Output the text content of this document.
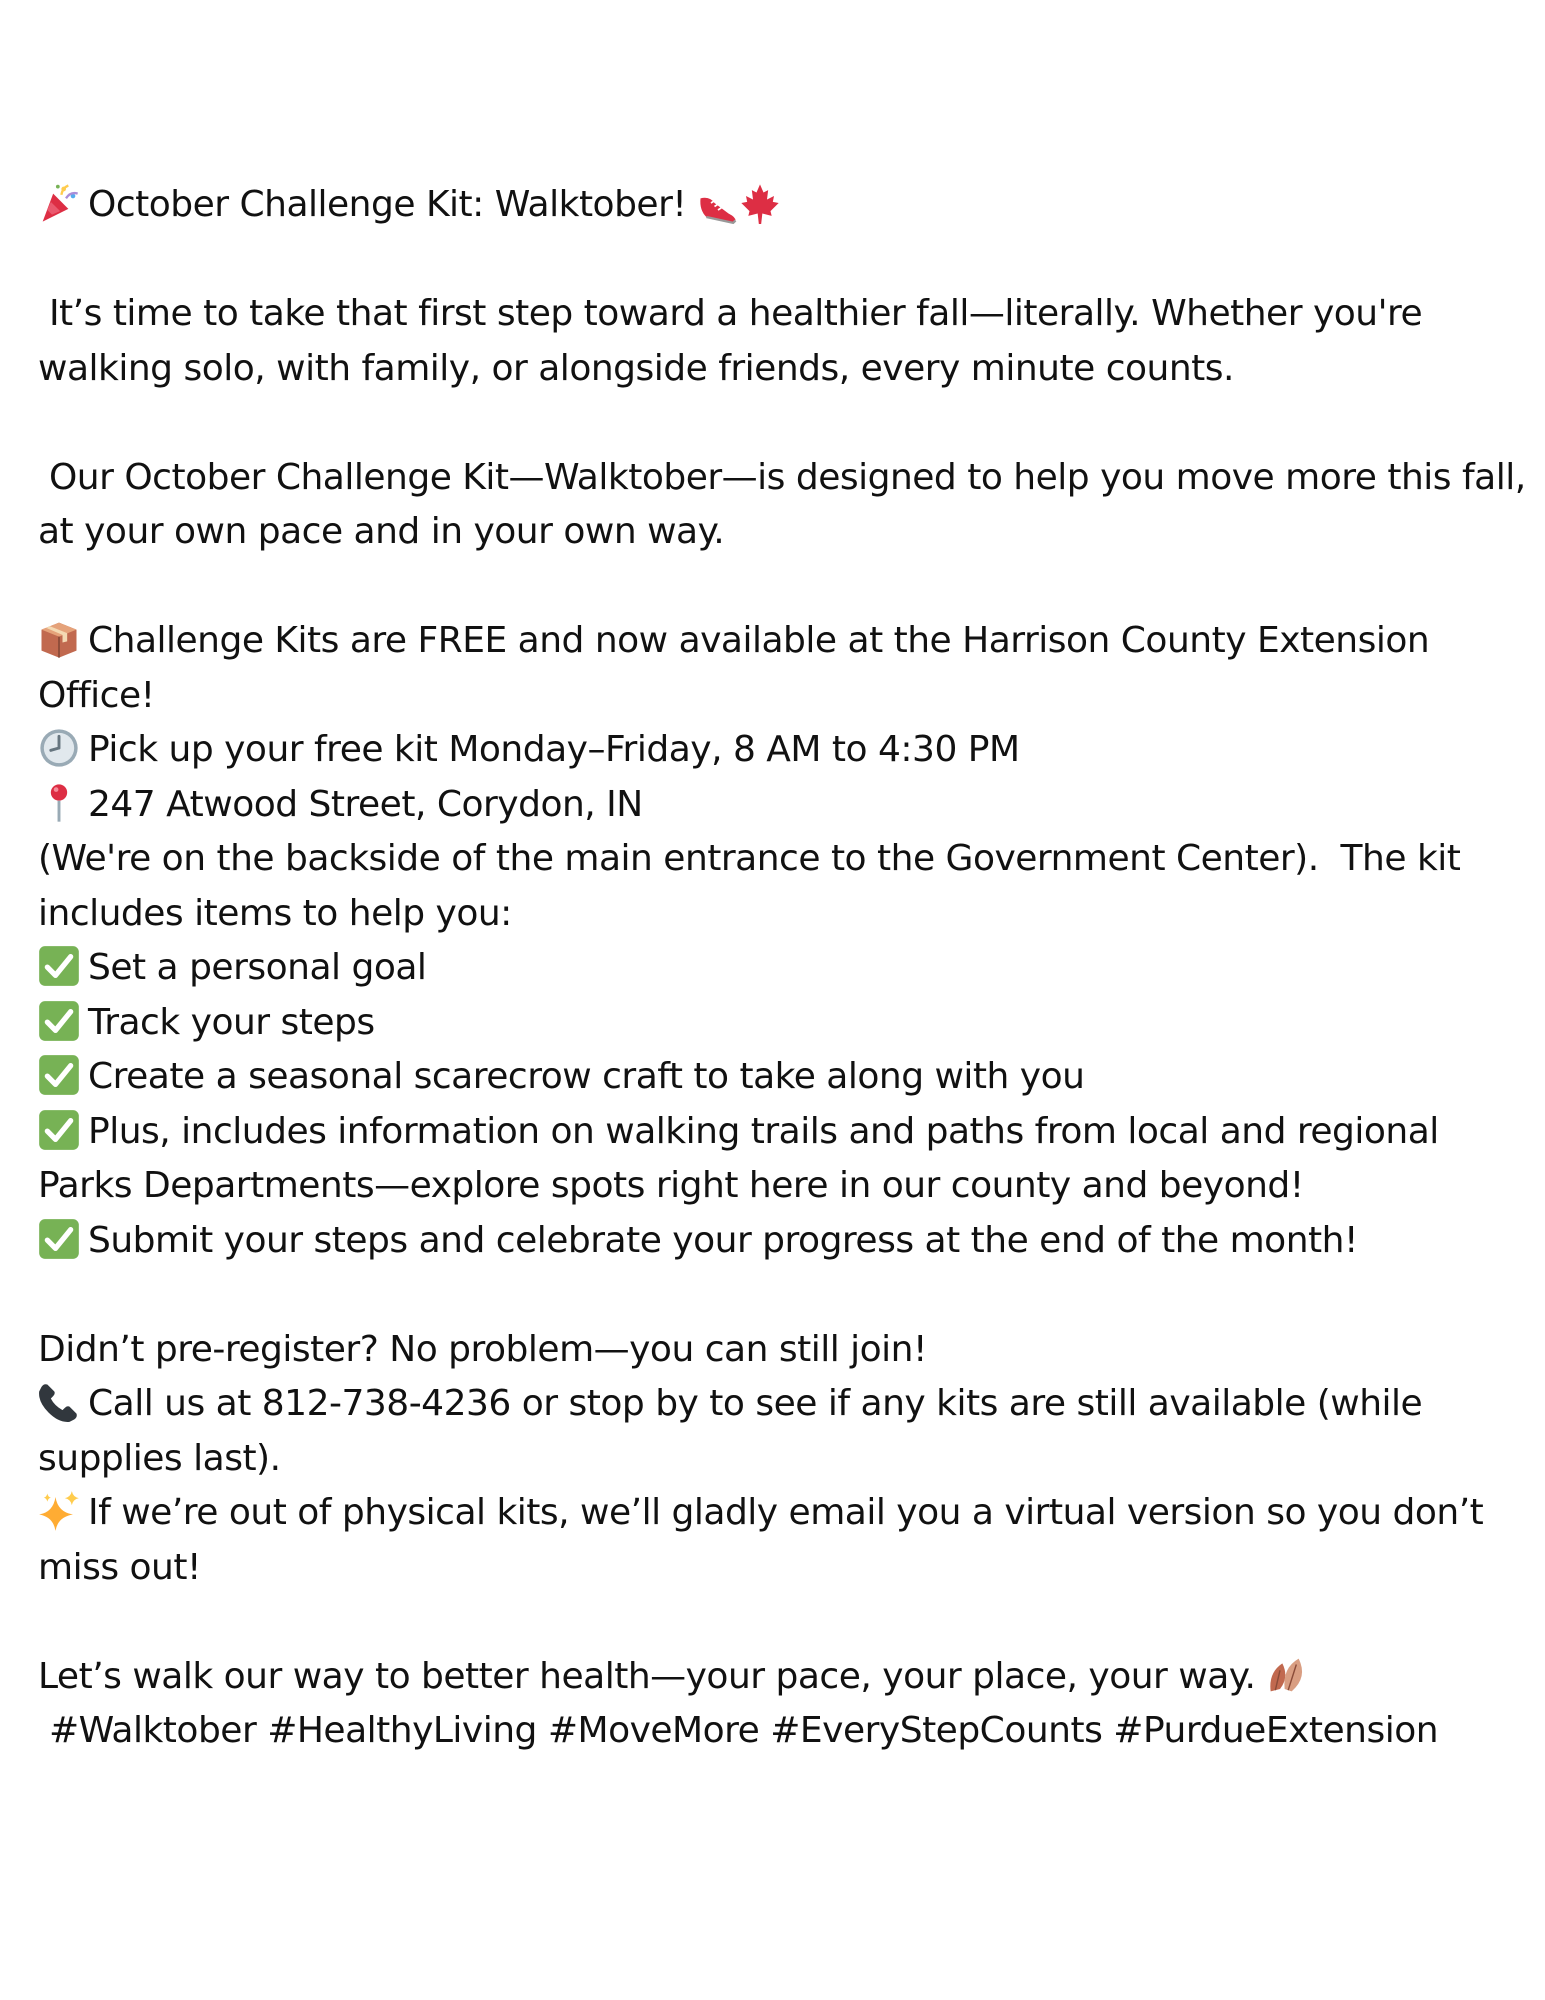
October Challenge Kit: Walktober!
It’s time to take that first step toward a healthier fall—literally. Whether you're
walking solo, with family, or alongside friends, every minute counts.
Our October Challenge Kit—Walktober—is designed to help you move more this fall,
at your own pace and in your own way.
Challenge Kits are FREE and now available at the Harrison County Extension
Office!
Pick up your free kit Monday–Friday, 8 AM to 4:30 PM
247 Atwood Street, Corydon, IN
(We're on the backside of the main entrance to the Government Center).  The kit
includes items to help you:
Set a personal goal
Track your steps
Create a seasonal scarecrow craft to take along with you
Plus, includes information on walking trails and paths from local and regional
Parks Departments—explore spots right here in our county and beyond!
Submit your steps and celebrate your progress at the end of the month!
Didn’t pre-register? No problem—you can still join!
Call us at 812-738-4236 or stop by to see if any kits are still available (while
supplies last).
If we’re out of physical kits, we’ll gladly email you a virtual version so you don’t
miss out!
Let’s walk our way to better health—your pace, your place, your way.
#Walktober #HealthyLiving #MoveMore #EveryStepCounts #PurdueExtension
